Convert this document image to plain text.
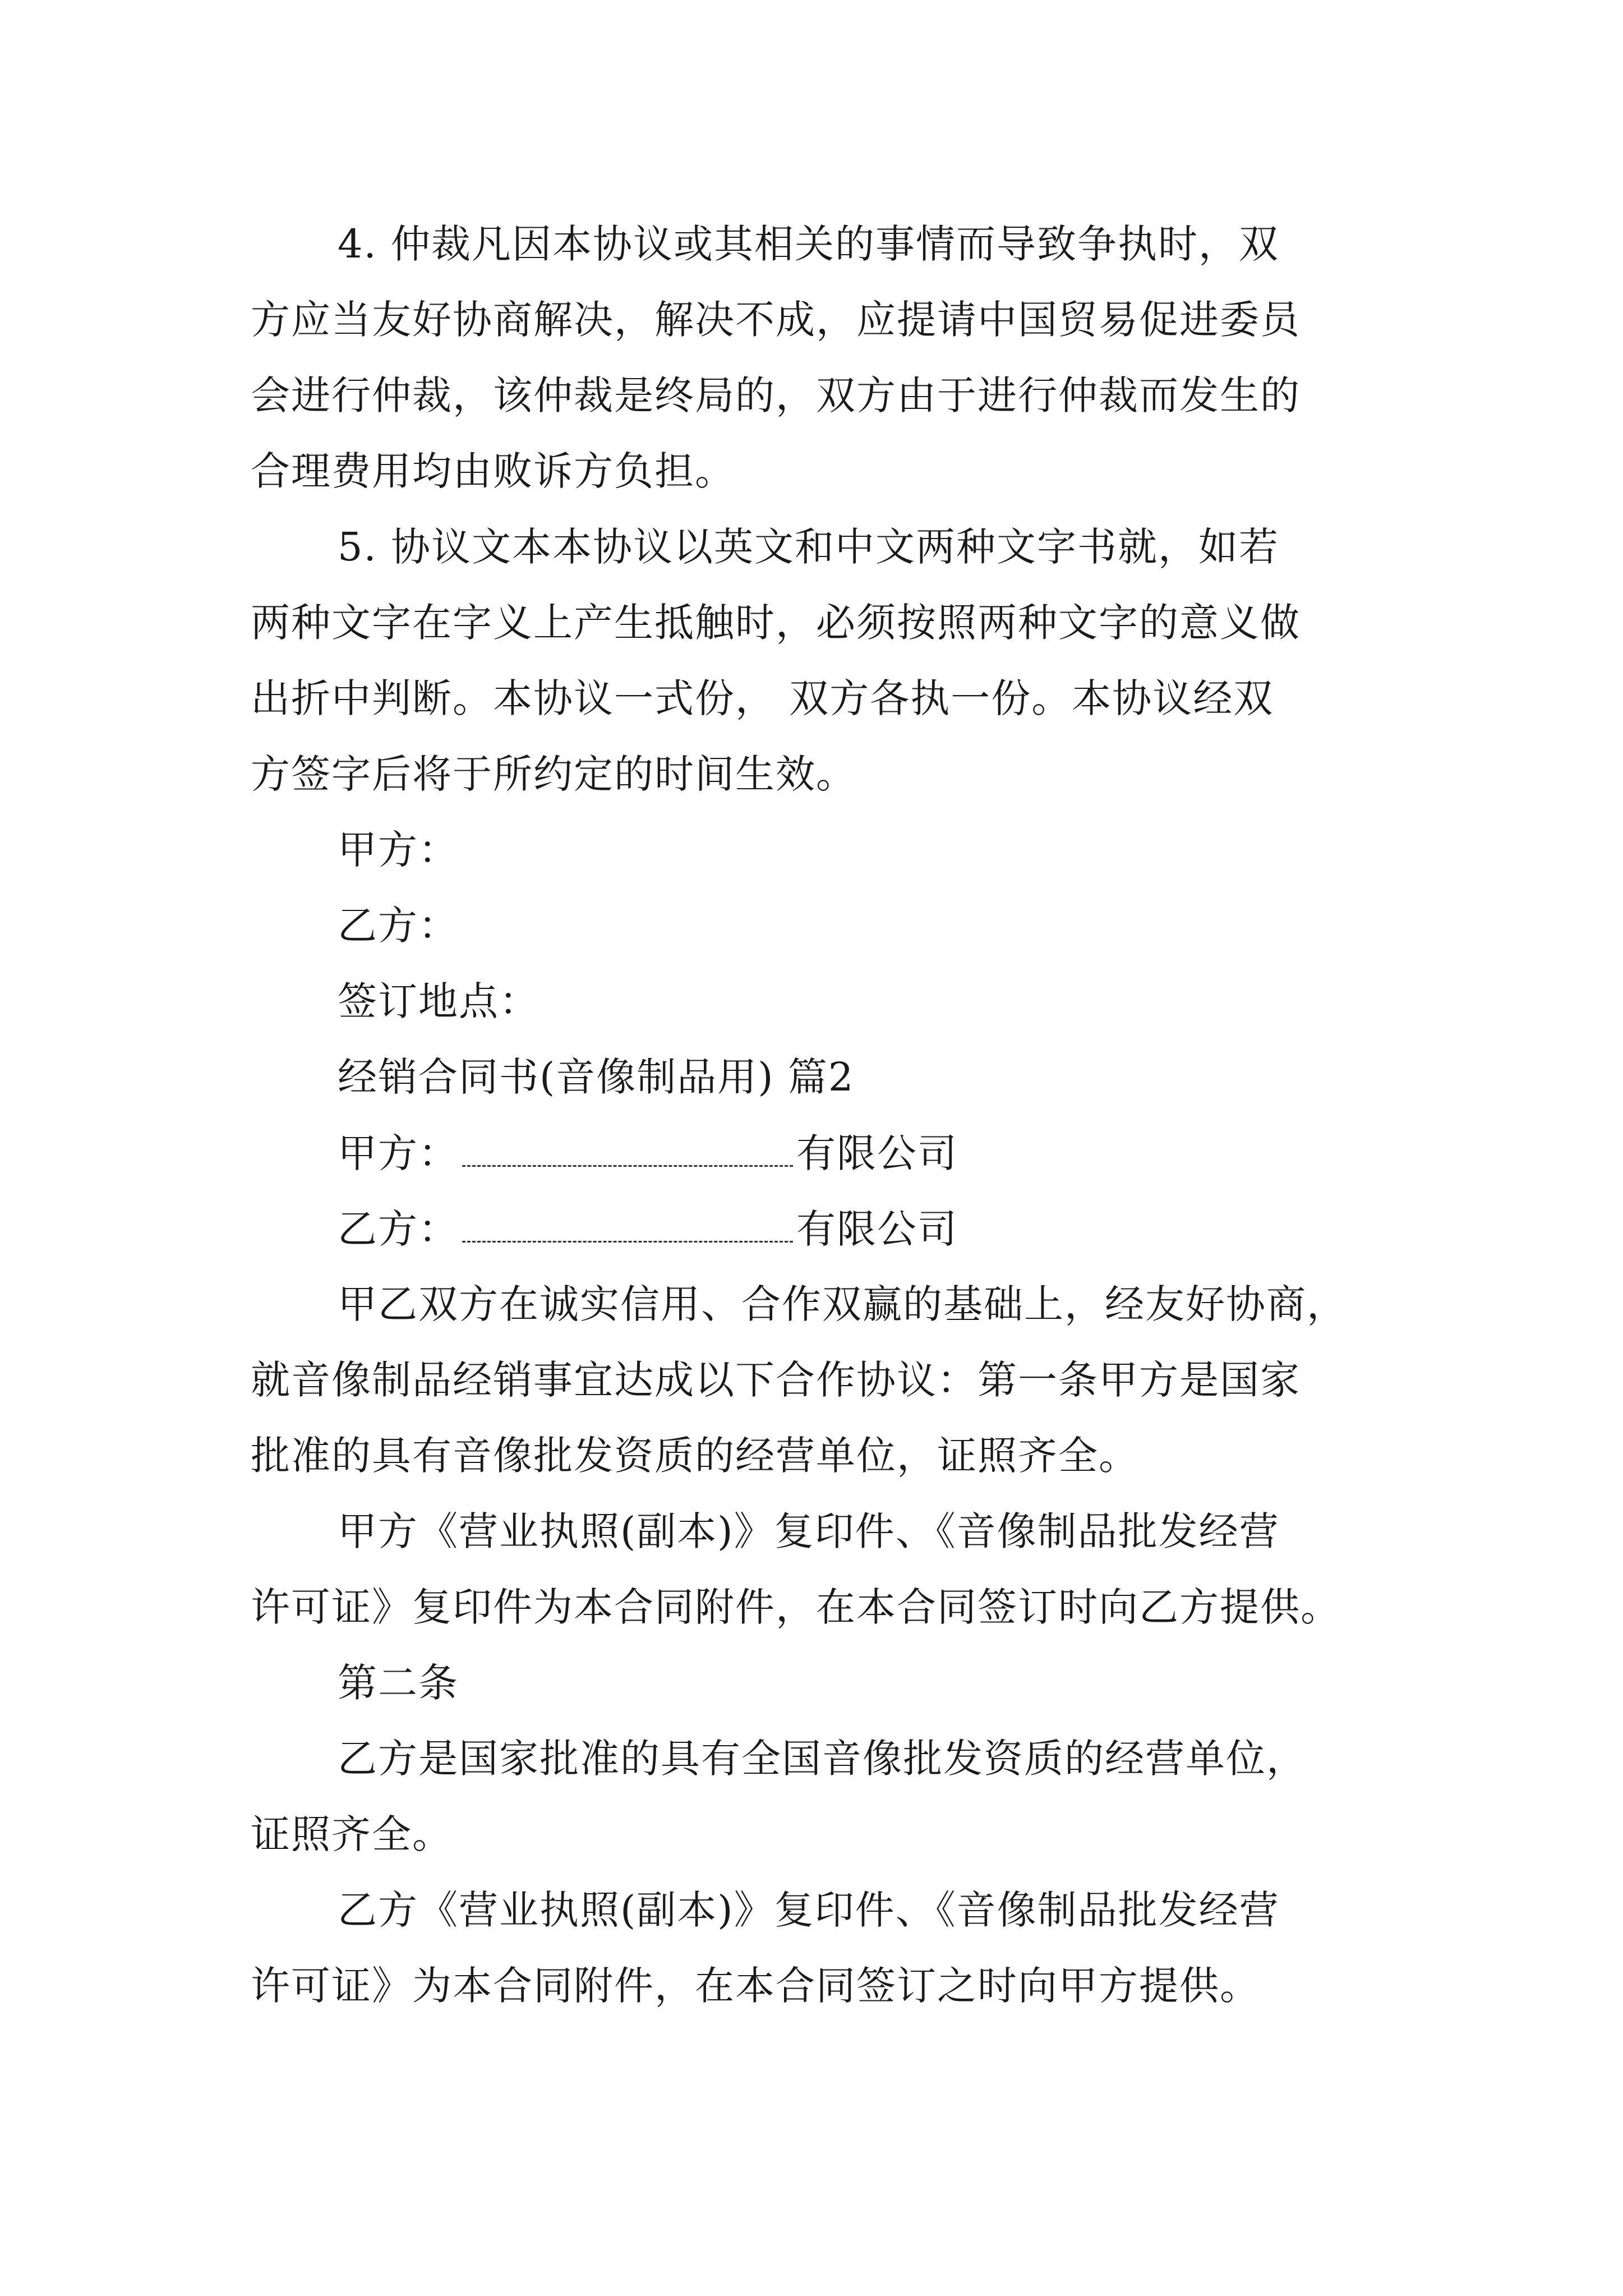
4. 仲裁凡因本协议或其相关的事情而导致争执时，双
方应当友好协商解决，解决不成，应提请中国贸易促进委员
会进行仲裁，该仲裁是终局的，双方由于进行仲裁而发生的
合理费用均由败诉方负担。
5. 协议文本本协议以英文和中文两种文字书就，如若
两种文字在字义上产生抵触时，必须按照两种文字的意义做
出折中判断。本协议一式份， 双方各执一份。本协议经双
方签字后将于所约定的时间生效。
甲方：
乙方：
签订地点：
经销合同书(音像制品用) 篇2
甲方：	有限公司
乙方：	有限公司
甲乙双方在诚实信用、合作双赢的基础上，经友好协商，
就音像制品经销事宜达成以下合作协议：第一条甲方是国家
批准的具有音像批发资质的经营单位，证照齐全。
甲方《营业执照(副本)》复印件、《音像制品批发经营
许可证》复印件为本合同附件，在本合同签订时向乙方提供。
第二条
乙方是国家批准的具有全国音像批发资质的经营单位，
证照齐全。
乙方《营业执照(副本)》复印件、《音像制品批发经营
许可证》为本合同附件，在本合同签订之时向甲方提供。
